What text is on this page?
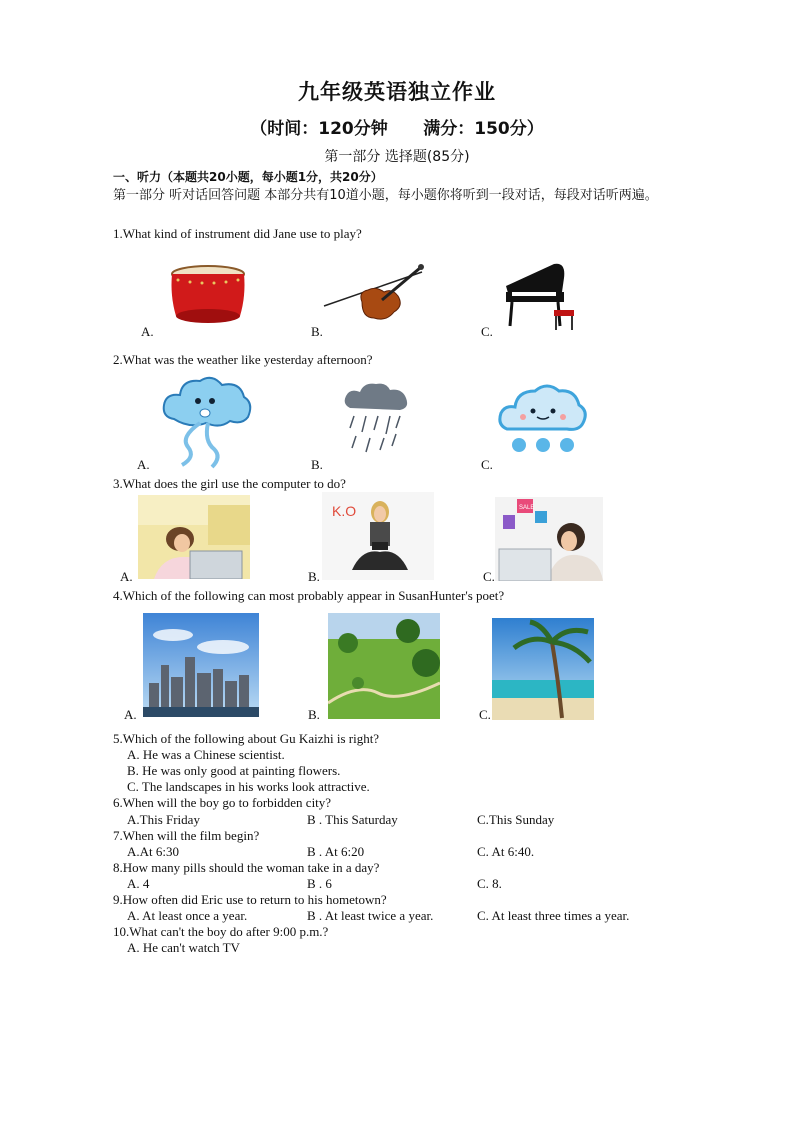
九年级英语独立作业
（时间：120分钟 满分：150分）
第一部分 选择题(85分)
一、听力（本题共20小题，每小题1分，共20分）
第一部分 听对话回答问题 本部分共有10道小题，每小题你将听到一段对话，每段对话听两遍。
1.What kind of instrument did Jane use to play?
A.	B.	C.
2.What was the weather like yesterday afternoon?
A.	B.	C.
3.What does the girl use the computer to do?
K.O	SALE
A.	B.	C.
4.Which of the following can most probably appear in SusanHunter's poet?
A.	B.	C.
5.Which of the following about Gu Kaizhi is right?
A. He was a Chinese scientist.
B. He was only good at painting flowers.
C. The landscapes in his works look attractive.
6.When will the boy go to forbidden city?
A.This Friday	B . This Saturday	C.This Sunday
7.When will the film begin?
A.At 6:30	B . At 6:20	C. At 6:40.
8.How many pills should the woman take in a day?
A. 4	B . 6	C. 8.
9.How often did Eric use to return to his hometown?
A. At least once a year.	B . At least twice a year.	C. At least three times a year.
10.What can't the boy do after 9:00 p.m.?
A. He can't watch TV
